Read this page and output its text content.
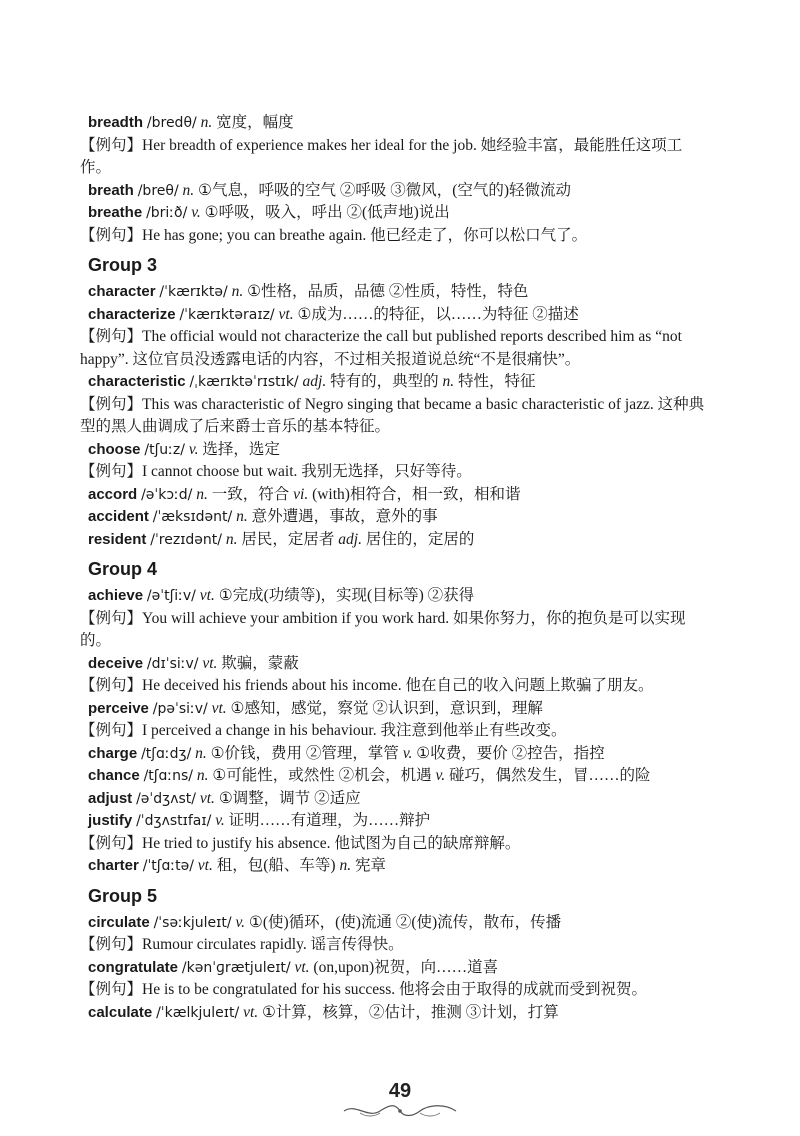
breadth /bredθ/ n. 宽度，幅度
【例句】Her breadth of experience makes her ideal for the job. 她经验丰富，最能胜任这项工作。
breath /breθ/ n. ①气息，呼吸的空气 ②呼吸 ③微风，(空气的)轻微流动
breathe /briːð/ v. ①呼吸，吸入，呼出 ②(低声地)说出
【例句】He has gone; you can breathe again. 他已经走了，你可以松口气了。
Group 3
character /ˈkærɪktə/ n. ①性格，品质，品德 ②性质，特性，特色
characterize /ˈkærɪktəraɪz/ vt. ①成为……的特征，以……为特征 ②描述
【例句】The official would not characterize the call but published reports described him as “not happy”. 这位官员没透露电话的内容，不过相关报道说总统“不是很痛快”。
characteristic /ˌkærɪktəˈrɪstɪk/ adj. 特有的，典型的 n. 特性，特征
【例句】This was characteristic of Negro singing that became a basic characteristic of jazz. 这种典型的黑人曲调成了后来爵士音乐的基本特征。
choose /tʃuːz/ v. 选择，选定
【例句】I cannot choose but wait. 我别无选择，只好等待。
accord /əˈkɔːd/ n. 一致，符合 vi. (with)相符合，相一致，相和谐
accident /ˈæksɪdənt/ n. 意外遭遇，事故，意外的事
resident /ˈrezɪdənt/ n. 居民，定居者 adj. 居住的，定居的
Group 4
achieve /əˈtʃiːv/ vt. ①完成(功绩等)，实现(目标等) ②获得
【例句】You will achieve your ambition if you work hard. 如果你努力，你的抱负是可以实现的。
deceive /dɪˈsiːv/ vt. 欺骗，蒙蔽
【例句】He deceived his friends about his income. 他在自己的收入问题上欺骗了朋友。
perceive /pəˈsiːv/ vt. ①感知，感觉，察觉 ②认识到，意识到，理解
【例句】I perceived a change in his behaviour. 我注意到他举止有些改变。
charge /tʃɑːdʒ/ n. ①价钱，费用 ②管理，掌管 v. ①收费，要价 ②控告，指控
chance /tʃɑːns/ n. ①可能性，或然性 ②机会，机遇 v. 碰巧，偶然发生，冒……的险
adjust /əˈdʒʌst/ vt. ①调整，调节 ②适应
justify /ˈdʒʌstɪfaɪ/ v. 证明……有道理，为……辩护
【例句】He tried to justify his absence. 他试图为自己的缺席辩解。
charter /ˈtʃɑːtə/ vt. 租，包(船、车等) n. 宪章
Group 5
circulate /ˈsəːkjuleɪt/ v. ①(使)循环，(使)流通 ②(使)流传，散布，传播
【例句】Rumour circulates rapidly. 谣言传得快。
congratulate /kənˈɡrætjuleɪt/ vt. (on,upon)祝贺，向……道喜
【例句】He is to be congratulated for his success. 他将会由于取得的成就而受到祝贺。
calculate /ˈkælkjuleɪt/ vt. ①计算，核算，②估计，推测 ③计划，打算
49
